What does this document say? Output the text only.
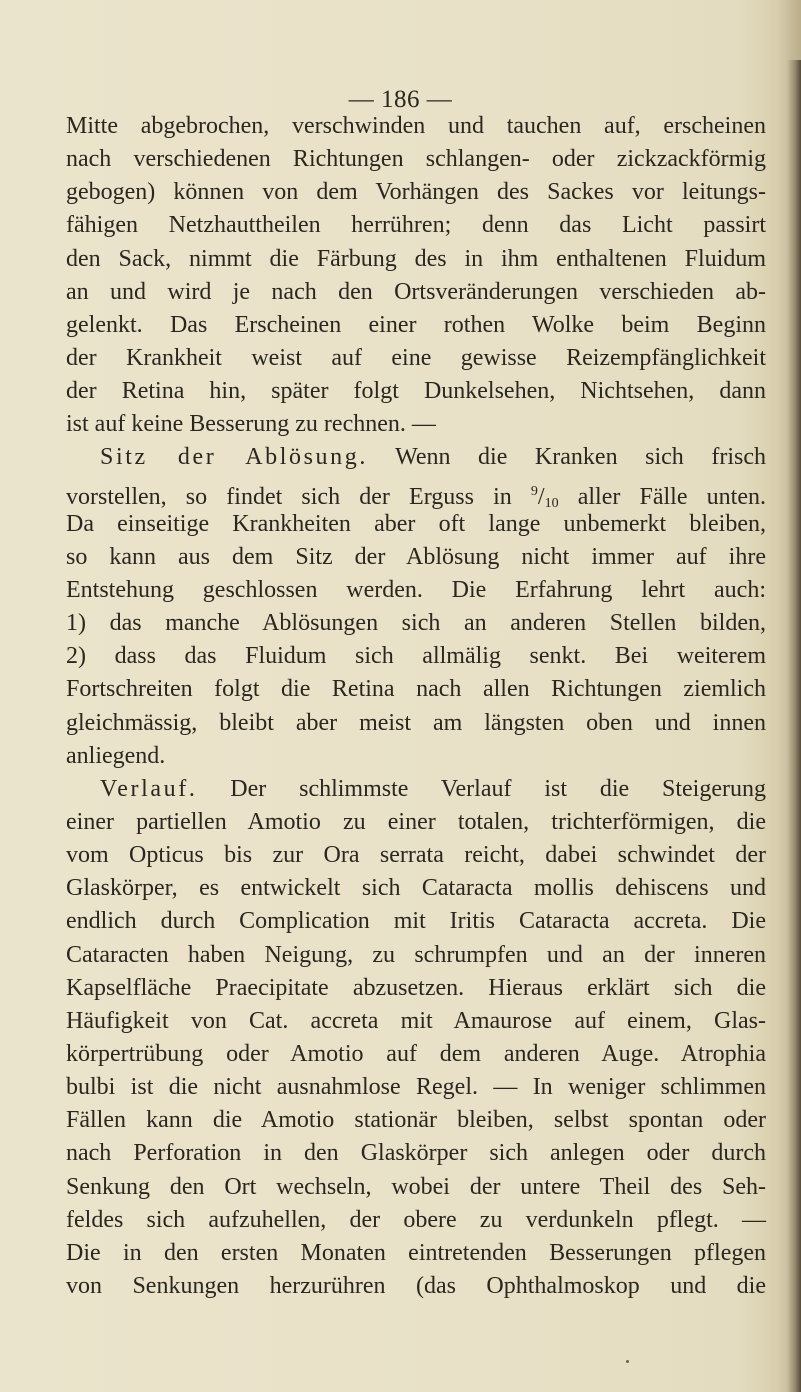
— 186 —
Mitte abgebrochen, verschwinden und tauchen auf, erscheinen
nach verschiedenen Richtungen schlangen- oder zickzackförmig
gebogen) können von dem Vorhängen des Sackes vor leitungs-
fähigen Netzhauttheilen herrühren; denn das Licht passirt
den Sack, nimmt die Färbung des in ihm enthaltenen Fluidum
an und wird je nach den Ortsveränderungen verschieden ab-
gelenkt. Das Erscheinen einer rothen Wolke beim Beginn
der Krankheit weist auf eine gewisse Reizempfänglichkeit
der Retina hin, später folgt Dunkelsehen, Nichtsehen, dann
ist auf keine Besserung zu rechnen. —
Sitz der Ablösung. Wenn die Kranken sich frisch
vorstellen, so findet sich der Erguss in $^9/_{10}$ aller Fälle unten.
Da einseitige Krankheiten aber oft lange unbemerkt bleiben,
so kann aus dem Sitz der Ablösung nicht immer auf ihre
Entstehung geschlossen werden. Die Erfahrung lehrt auch:
1) das manche Ablösungen sich an anderen Stellen bilden,
2) dass das Fluidum sich allmälig senkt. Bei weiterem
Fortschreiten folgt die Retina nach allen Richtungen ziemlich
gleichmässig, bleibt aber meist am längsten oben und innen
anliegend.
Verlauf. Der schlimmste Verlauf ist die Steigerung
einer partiellen Amotio zu einer totalen, trichterförmigen, die
vom Opticus bis zur Ora serrata reicht, dabei schwindet der
Glaskörper, es entwickelt sich Cataracta mollis dehiscens und
endlich durch Complication mit Iritis Cataracta accreta. Die
Cataracten haben Neigung, zu schrumpfen und an der inneren
Kapselfläche Praecipitate abzusetzen. Hieraus erklärt sich die
Häufigkeit von Cat. accreta mit Amaurose auf einem, Glas-
körpertrübung oder Amotio auf dem anderen Auge. Atrophia
bulbi ist die nicht ausnahmlose Regel. — In weniger schlimmen
Fällen kann die Amotio stationär bleiben, selbst spontan oder
nach Perforation in den Glaskörper sich anlegen oder durch
Senkung den Ort wechseln, wobei der untere Theil des Seh-
feldes sich aufzuhellen, der obere zu verdunkeln pflegt. —
Die in den ersten Monaten eintretenden Besserungen pflegen
von Senkungen herzurühren (das Ophthalmoskop und die
